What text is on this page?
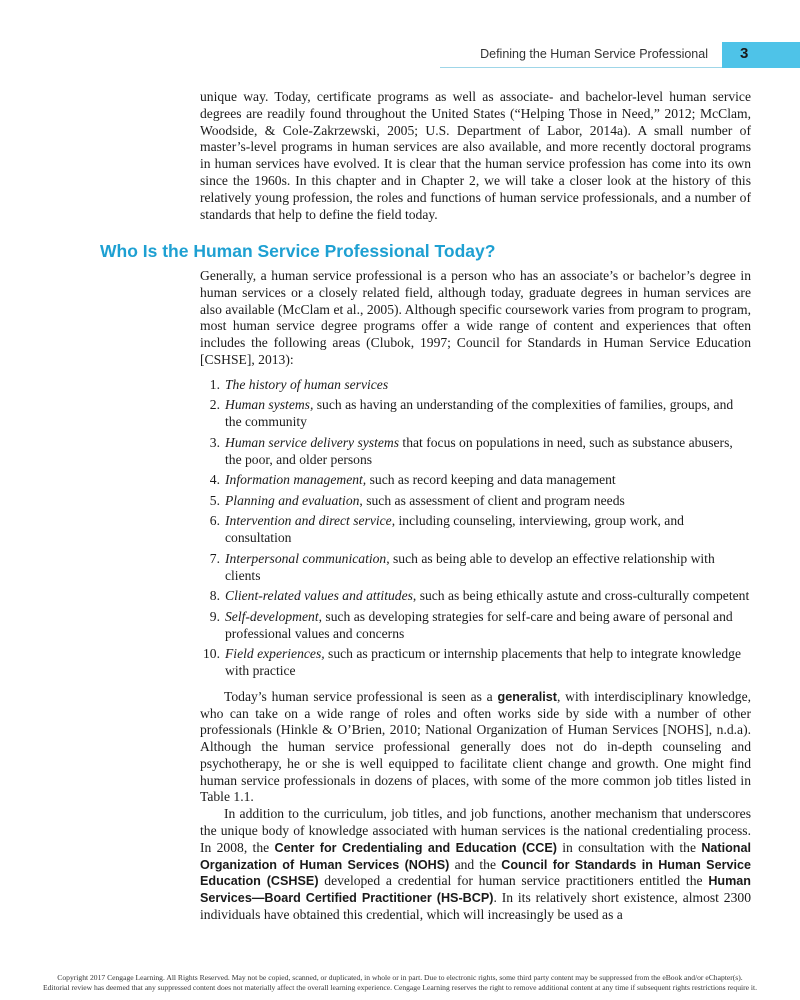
Defining the Human Service Professional 3

unique way. Today, certificate programs as well as associate- and bachelor-level human service degrees are readily found throughout the United States (“Helping Those in Need,” 2012; McClam, Woodside, & Cole-Zakrzewski, 2005; U.S. Department of Labor, 2014a). A small number of master’s-level programs in human services are also available, and more recently doctoral programs in human services have evolved. It is clear that the human service profession has come into its own since the 1960s. In this chapter and in Chapter 2, we will take a closer look at the history of this relatively young profession, the roles and functions of human service professionals, and a number of standards that help to define the field today.

Who Is the Human Service Professional Today?

Generally, a human service professional is a person who has an associate’s or bachelor’s degree in human services or a closely related field, although today, graduate degrees in human services are also available (McClam et al., 2005). Although specific coursework varies from program to program, most human service degree programs offer a wide range of content and experiences that often includes the following areas (Clubok, 1997; Council for Standards in Human Service Education [CSHSE], 2013):

1. The history of human services
2. Human systems, such as having an understanding of the complexities of families, groups, and the community
3. Human service delivery systems that focus on populations in need, such as substance abusers, the poor, and older persons
4. Information management, such as record keeping and data management
5. Planning and evaluation, such as assessment of client and program needs
6. Intervention and direct service, including counseling, interviewing, group work, and consultation
7. Interpersonal communication, such as being able to develop an effective relationship with clients
8. Client-related values and attitudes, such as being ethically astute and cross-culturally competent
9. Self-development, such as developing strategies for self-care and being aware of personal and professional values and concerns
10. Field experiences, such as practicum or internship placements that help to integrate knowledge with practice

Today’s human service professional is seen as a generalist, with interdisciplinary knowledge, who can take on a wide range of roles and often works side by side with a number of other professionals (Hinkle & O’Brien, 2010; National Organization of Human Services [NOHS], n.d.a). Although the human service professional generally does not do in-depth counseling and psychotherapy, he or she is well equipped to facilitate client change and growth. One might find human service professionals in dozens of places, with some of the more common job titles listed in Table 1.1.

In addition to the curriculum, job titles, and job functions, another mechanism that underscores the unique body of knowledge associated with human services is the national credentialing process. In 2008, the Center for Credentialing and Education (CCE) in consultation with the National Organization of Human Services (NOHS) and the Council for Standards in Human Service Education (CSHSE) developed a credential for human service practitioners entitled the Human Services—Board Certified Practitioner (HS-BCP). In its relatively short existence, almost 2300 individuals have obtained this credential, which will increasingly be used as a

Copyright 2017 Cengage Learning. All Rights Reserved. May not be copied, scanned, or duplicated, in whole or in part. Due to electronic rights, some third party content may be suppressed from the eBook and/or eChapter(s).
Editorial review has deemed that any suppressed content does not materially affect the overall learning experience. Cengage Learning reserves the right to remove additional content at any time if subsequent rights restrictions require it.
